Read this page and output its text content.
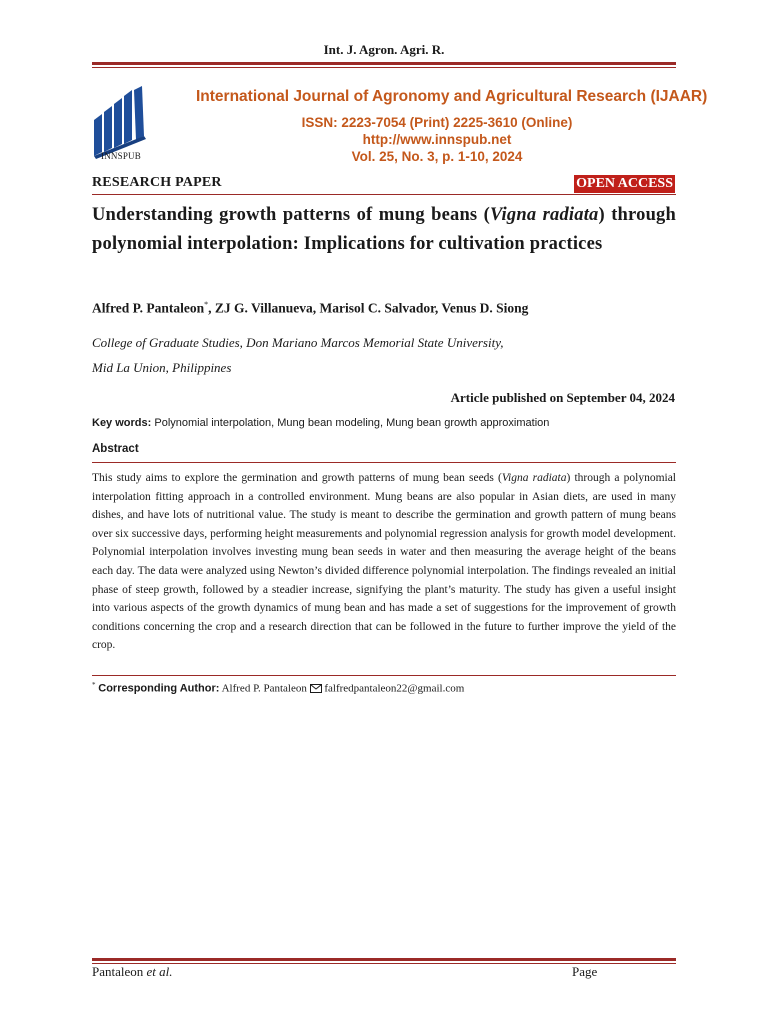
Int. J. Agron. Agri. R.
INNSPUB
International Journal of Agronomy and Agricultural Research (IJAAR)
ISSN: 2223-7054 (Print) 2225-3610 (Online)
http://www.innspub.net
Vol. 25, No. 3, p. 1-10, 2024
RESEARCH PAPER	OPEN ACCESS
Understanding growth patterns of mung beans (Vigna radiata) through polynomial interpolation: Implications for cultivation practices
Alfred P. Pantaleon*, ZJ G. Villanueva, Marisol C. Salvador, Venus D. Siong
College of Graduate Studies, Don Mariano Marcos Memorial State University,
Mid La Union, Philippines
Article published on September 04, 2024
Key words: Polynomial interpolation, Mung bean modeling, Mung bean growth approximation
Abstract
This study aims to explore the germination and growth patterns of mung bean seeds (Vigna radiata) through a polynomial interpolation fitting approach in a controlled environment. Mung beans are also popular in Asian diets, are used in many dishes, and have lots of nutritional value. The study is meant to describe the germination and growth pattern of mung beans over six successive days, performing height measurements and polynomial regression analysis for growth model development. Polynomial interpolation involves investing mung bean seeds in water and then measuring the average height of the beans each day. The data were analyzed using Newton’s divided difference polynomial interpolation. The findings revealed an initial phase of steep growth, followed by a steadier increase, signifying the plant’s maturity. The study has given a useful insight into various aspects of the growth dynamics of mung bean and has made a set of suggestions for the improvement of growth conditions concerning the crop and a research direction that can be followed in the future to further improve the yield of the crop.
* Corresponding Author: Alfred P. Pantaleon falfredpantaleon22@gmail.com
Pantaleon et al.	Page
